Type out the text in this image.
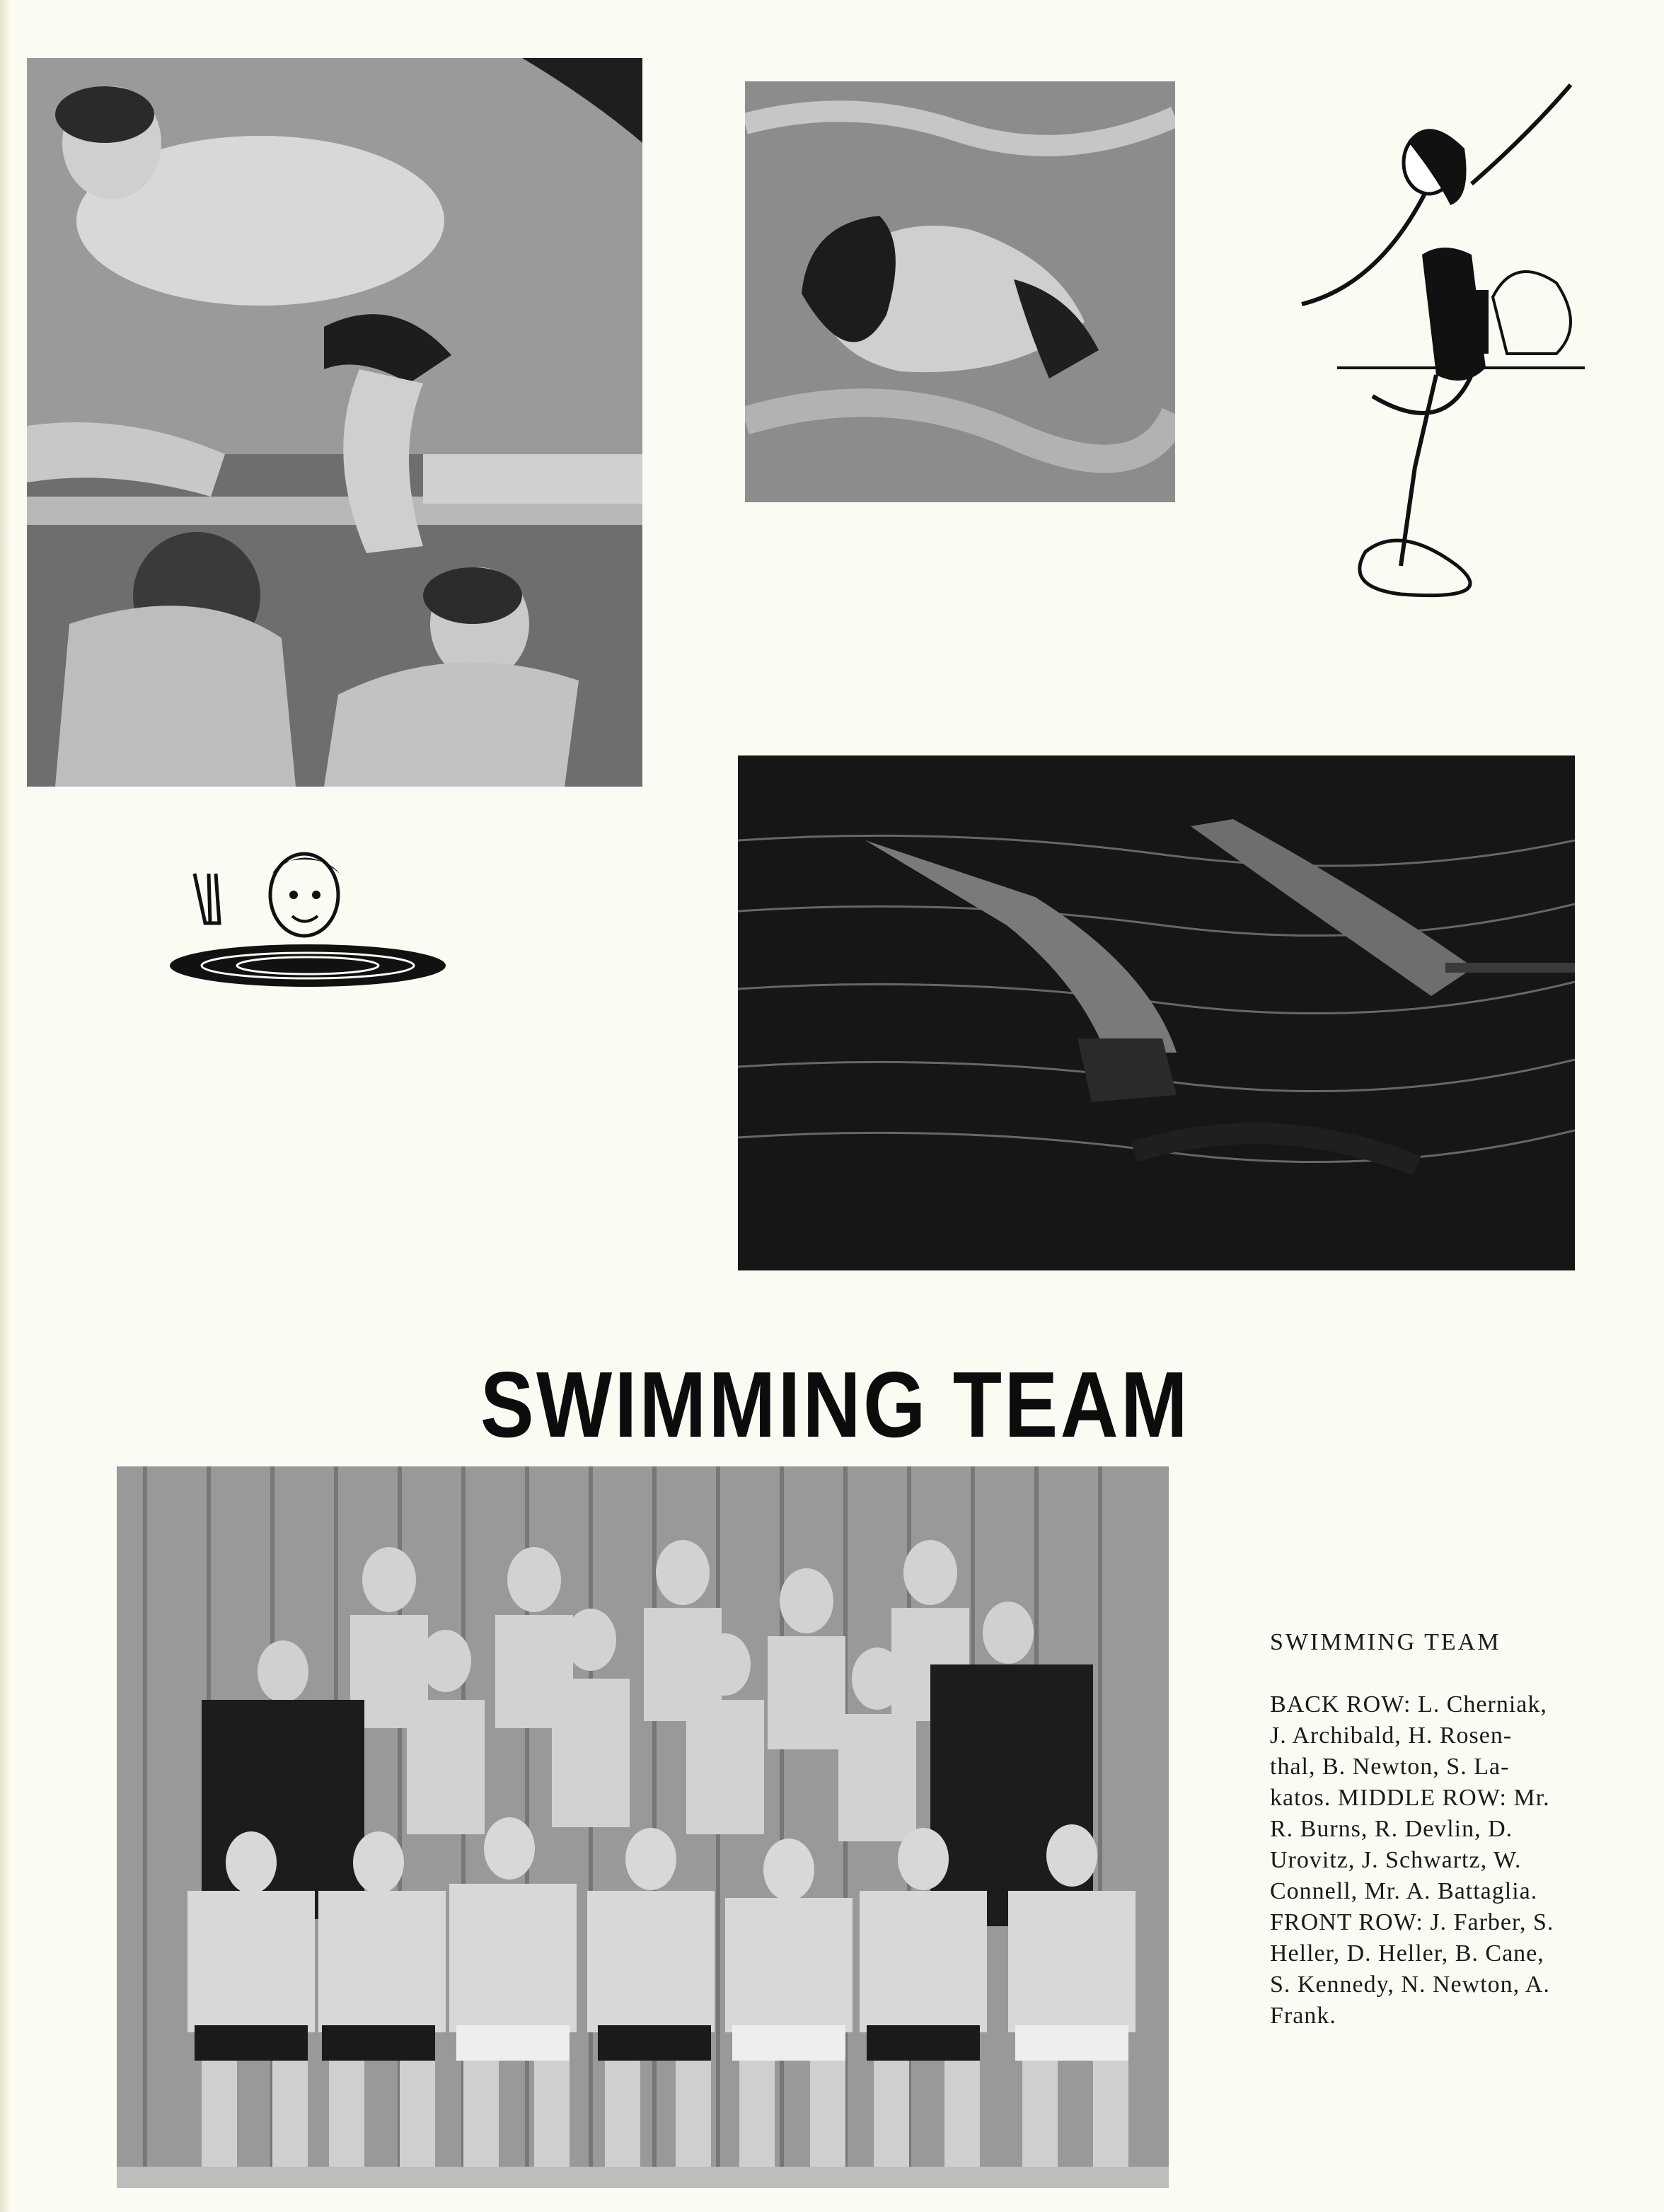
SWIMMING TEAM
SWIMMING TEAM
BACK ROW: L. Cherniak,
J. Archibald, H. Rosen-
thal, B. Newton, S. La-
katos. MIDDLE ROW: Mr.
R. Burns, R. Devlin, D.
Urovitz, J. Schwartz, W.
Connell, Mr. A. Battaglia.
FRONT ROW: J. Farber, S.
Heller, D. Heller, B. Cane,
S. Kennedy, N. Newton, A.
Frank.
